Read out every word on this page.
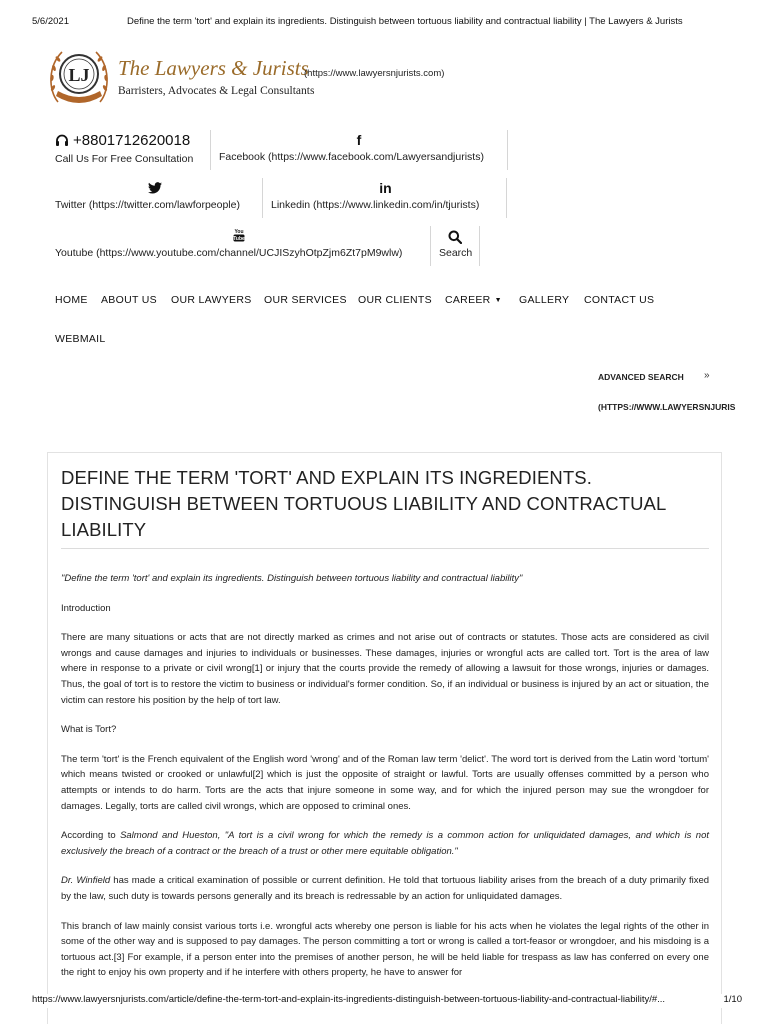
5/6/2021	Define the term 'tort' and explain its ingredients. Distinguish between tortuous liability and contractual liability | The Lawyers & Jurists
LJ The Lawyers & Jurists
(https://www.lawyersnjurists.com)
Barristers, Advocates & Legal Consultants
+8801712620018
Call Us For Free Consultation
f
Facebook (https://www.facebook.com/Lawyersandjurists)
Twitter (https://twitter.com/lawforpeople)
in
Linkedin (https://www.linkedin.com/in/tjurists)
You
Tube
Youtube (https://www.youtube.com/channel/UCJISzyhOtpZjm6Zt7pM9wlw)	Search
HOME ABOUT US OUR LAWYERS OUR SERVICES OUR CLIENTS CAREER ▼ GALLERY CONTACT US
WEBMAIL
ADVANCED SEARCH »
(HTTPS://WWW.LAWYERSNJURIS
DEFINE THE TERM 'TORT' AND EXPLAIN ITS INGREDIENTS. DISTINGUISH BETWEEN TORTUOUS LIABILITY AND CONTRACTUAL LIABILITY

"Define the term 'tort' and explain its ingredients. Distinguish between tortuous liability and contractual liability"

Introduction

There are many situations or acts that are not directly marked as crimes and not arise out of contracts or statutes. Those acts are considered as civil wrongs and cause damages and injuries to individuals or businesses. These damages, injuries or wrongful acts are called tort. Tort is the area of law where in response to a private or civil wrong[1] or injury that the courts provide the remedy of allowing a lawsuit for those wrongs, injuries or damages. Thus, the goal of tort is to restore the victim to business or individual's former condition. So, if an individual or business is injured by an act or situation, the victim can restore his position by the help of tort law.

What is Tort?

The term 'tort' is the French equivalent of the English word 'wrong' and of the Roman law term 'delict'. The word tort is derived from the Latin word 'tortum' which means twisted or crooked or unlawful[2] which is just the opposite of straight or lawful. Torts are usually offenses committed by a person who attempts or intends to do harm. Torts are the acts that injure someone in some way, and for which the injured person may sue the wrongdoer for damages. Legally, torts are called civil wrongs, which are opposed to criminal ones.

According to Salmond and Hueston, "A tort is a civil wrong for which the remedy is a common action for unliquidated damages, and which is not exclusively the breach of a contract or the breach of a trust or other mere equitable obligation."

Dr. Winfield has made a critical examination of possible or current definition. He told that tortuous liability arises from the breach of a duty primarily fixed by the law, such duty is towards persons generally and its breach is redressable by an action for unliquidated damages.

This branch of law mainly consist various torts i.e. wrongful acts whereby one person is liable for his acts when he violates the legal rights of the other in some of the other way and is supposed to pay damages. The person committing a tort or wrong is called a tort-feasor or wrongdoer, and his misdoing is a tortuous act.[3] For example, if a person enter into the premises of another person, he will be held liable for trespass as law has conferred on every one the right to enjoy his own property and if he interfere with others property, he have to answer for

https://www.lawyersnjurists.com/article/define-the-term-tort-and-explain-its-ingredients-distinguish-between-tortuous-liability-and-contractual-liability/#...	1/10
